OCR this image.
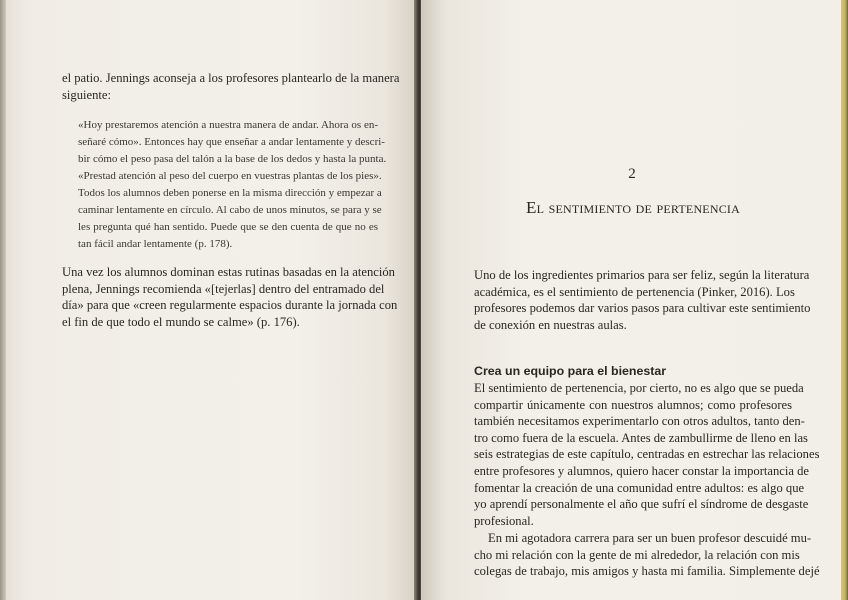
el patio. Jennings aconseja a los profesores plantearlo de la manera
siguiente:
«Hoy prestaremos atención a nuestra manera de andar. Ahora os en-
señaré cómo». Entonces hay que enseñar a andar lentamente y descri-
bir cómo el peso pasa del talón a la base de los dedos y hasta la punta.
«Prestad atención al peso del cuerpo en vuestras plantas de los pies».
Todos los alumnos deben ponerse en la misma dirección y empezar a
caminar lentamente en círculo. Al cabo de unos minutos, se para y se
les pregunta qué han sentido. Puede que se den cuenta de que no es
tan fácil andar lentamente (p. 178).
Una vez los alumnos dominan estas rutinas basadas en la atención
plena, Jennings recomienda «[tejerlas] dentro del entramado del
día» para que «creen regularmente espacios durante la jornada con
el fin de que todo el mundo se calme» (p. 176).
2
El sentimiento de pertenencia
Uno de los ingredientes primarios para ser feliz, según la literatura
académica, es el sentimiento de pertenencia (Pinker, 2016). Los
profesores podemos dar varios pasos para cultivar este sentimiento
de conexión en nuestras aulas.
Crea un equipo para el bienestar
El sentimiento de pertenencia, por cierto, no es algo que se pueda
compartir únicamente con nuestros alumnos; como profesores
también necesitamos experimentarlo con otros adultos, tanto den-
tro como fuera de la escuela. Antes de zambullirme de lleno en las
seis estrategias de este capítulo, centradas en estrechar las relaciones
entre profesores y alumnos, quiero hacer constar la importancia de
fomentar la creación de una comunidad entre adultos: es algo que
yo aprendí personalmente el año que sufrí el síndrome de desgaste
profesional.
En mi agotadora carrera para ser un buen profesor descuidé mu-
cho mi relación con la gente de mi alrededor, la relación con mis
colegas de trabajo, mis amigos y hasta mi familia. Simplemente dejé
